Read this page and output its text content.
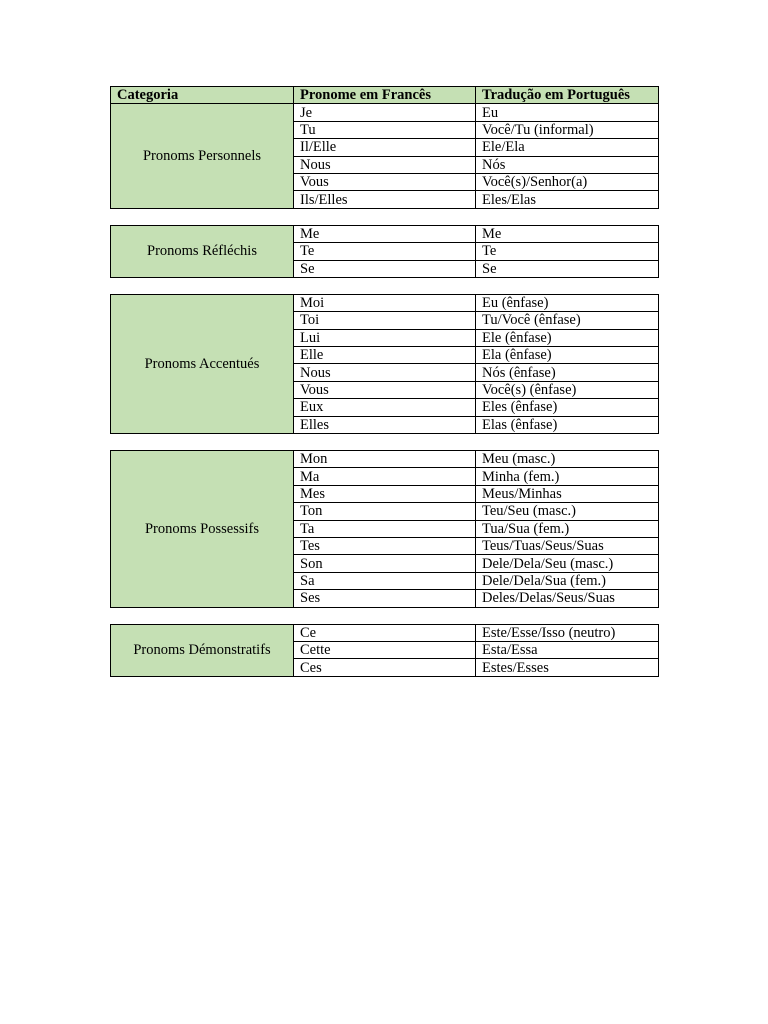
Categoria	Pronome em Francês	Tradução em Português
Pronoms Personnels	Je	Eu
	Tu	Você/Tu (informal)
	Il/Elle	Ele/Ela
	Nous	Nós
	Vous	Você(s)/Senhor(a)
	Ils/Elles	Eles/Elas
Pronoms Réfléchis	Me	Me
	Te	Te
	Se	Se
Pronoms Accentués	Moi	Eu (ênfase)
	Toi	Tu/Você (ênfase)
	Lui	Ele (ênfase)
	Elle	Ela (ênfase)
	Nous	Nós (ênfase)
	Vous	Você(s) (ênfase)
	Eux	Eles (ênfase)
	Elles	Elas (ênfase)
Pronoms Possessifs	Mon	Meu (masc.)
	Ma	Minha (fem.)
	Mes	Meus/Minhas
	Ton	Teu/Seu (masc.)
	Ta	Tua/Sua (fem.)
	Tes	Teus/Tuas/Seus/Suas
	Son	Dele/Dela/Seu (masc.)
	Sa	Dele/Dela/Sua (fem.)
	Ses	Deles/Delas/Seus/Suas
Pronoms Démonstratifs	Ce	Este/Esse/Isso (neutro)
	Cette	Esta/Essa
	Ces	Estes/Esses
